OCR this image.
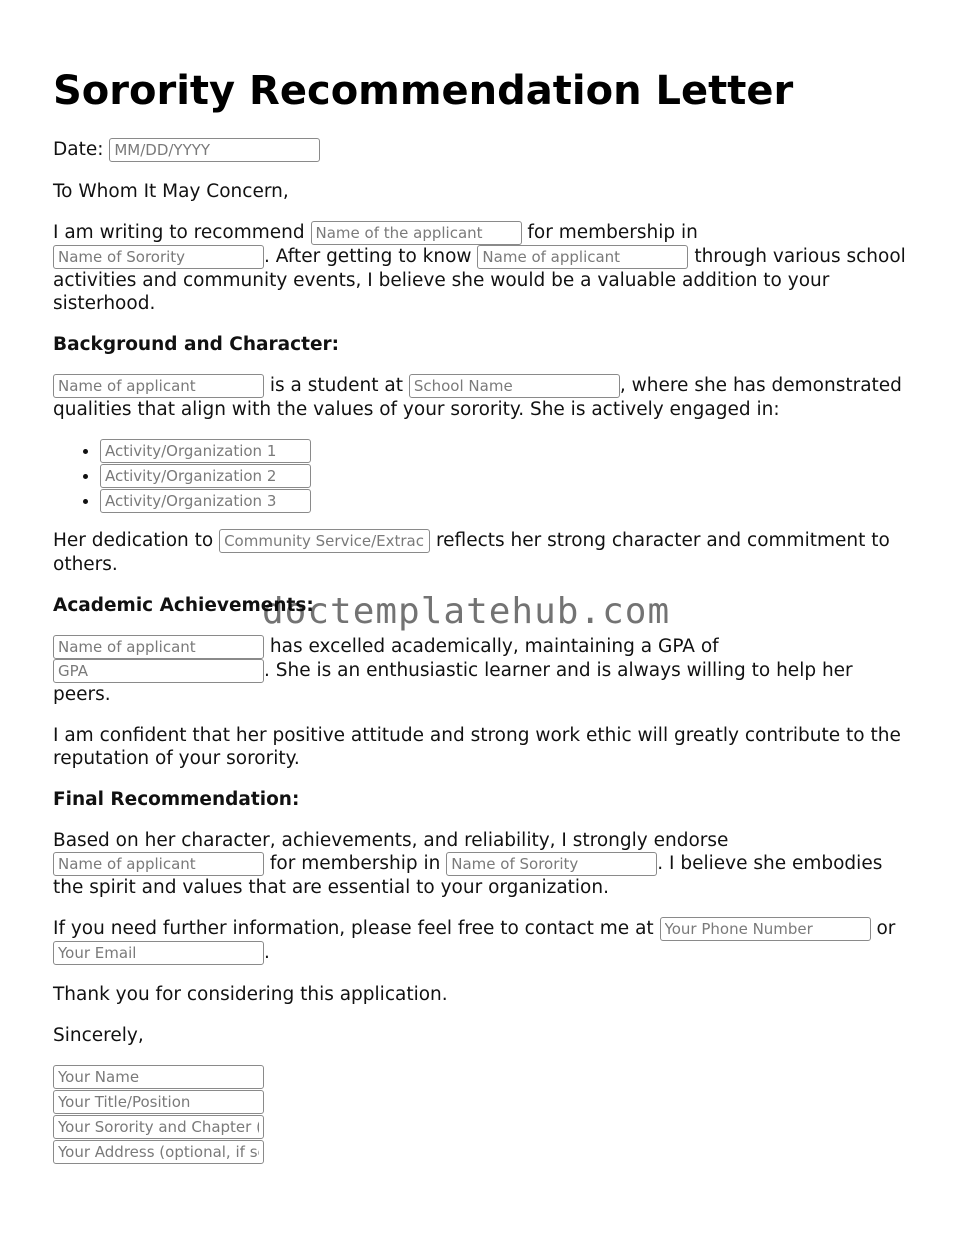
Sorority Recommendation Letter

Date: MM/DD/YYYY

To Whom It May Concern,

I am writing to recommend Name of the applicant	for membership in Name of Sorority. After getting to know Name of applicant	through various school activities and community events, I believe she would be a valuable addition to your sisterhood.

Background and Character:

Name of applicant is a student at School Name	, where she has demonstrated qualities that align with the values of your sorority. She is actively engaged in:

• Activity/Organization 1
• Activity/Organization 2
• Activity/Organization 3

Her dedication to Community Service/Extracurricular	reflects her strong character and commitment to others.

Academic Achievements:

Name of applicant has excelled academically, maintaining a GPA of GPA. She is an enthusiastic learner and is always willing to help her peers.

I am confident that her positive attitude and strong work ethic will greatly contribute to the reputation of your sorority.

Final Recommendation:

Based on her character, achievements, and reliability, I strongly endorse Name of applicant for membership in Name of Sorority	. I believe she embodies the spirit and values that are essential to your organization.

If you need further information, please feel free to contact me at Your Phone Number	or Your Email.

Thank you for considering this application.

Sincerely,

Your Name
Your Title/Position
Your Sorority and Chapter (if applicable)
Your Address (optional, if sending by mail)
doctemplatehub.com
